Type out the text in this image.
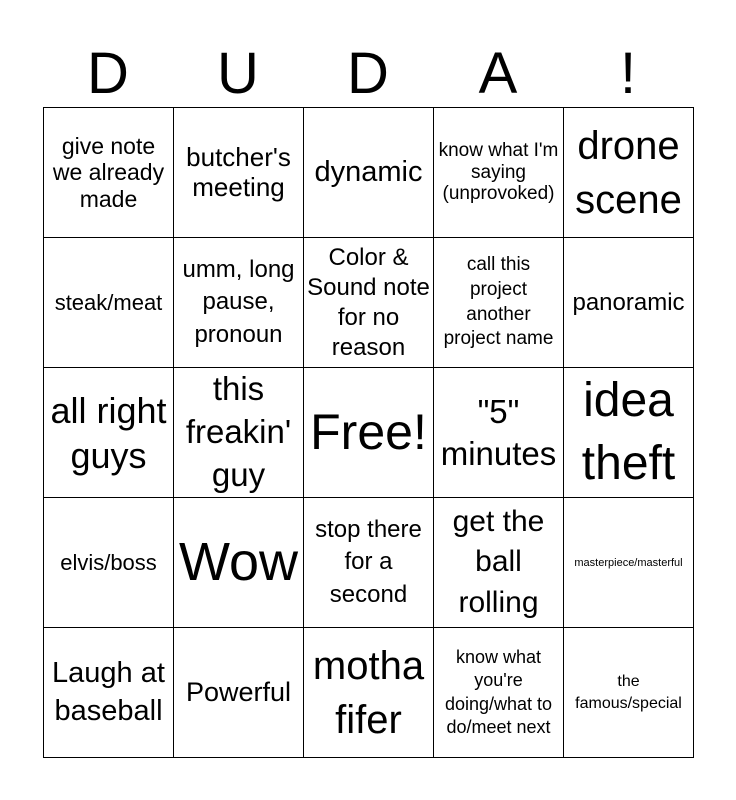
D	U	D	A	!
give note we already made	butcher's meeting	dynamic	know what I'm saying (unprovoked)	drone scene
steak/meat	umm, long pause, pronoun	Color & Sound note for no reason	call this project another project name	panoramic
all right guys	this freakin' guy	Free!	"5" minutes	idea theft
elvis/boss	Wow	stop there for a second	get the ball rolling	masterpiece/masterful
Laugh at baseball	Powerful	motha fifer	know what you're doing/what to do/meet next	the famous/special
